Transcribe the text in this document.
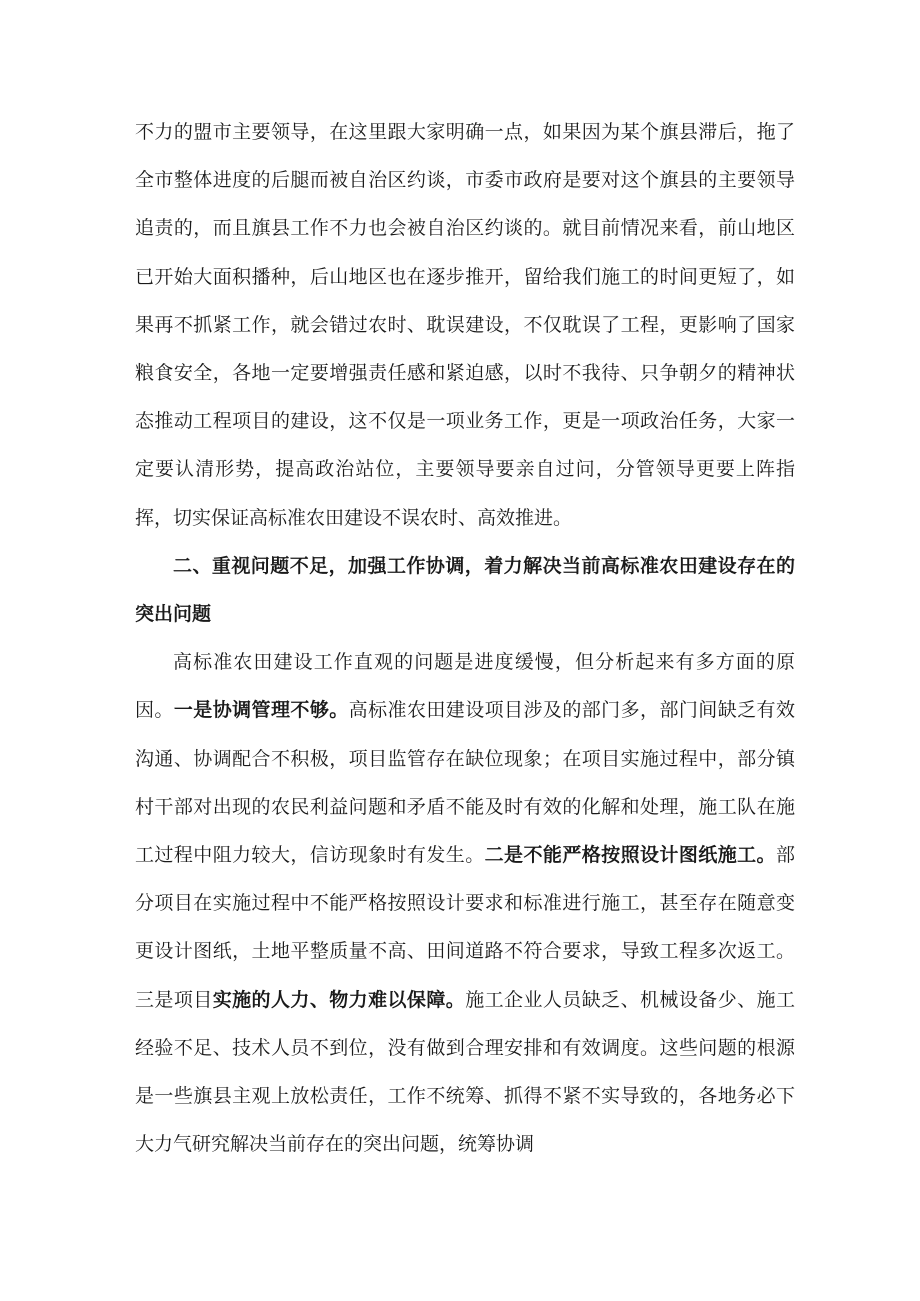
不力的盟市主要领导，在这里跟大家明确一点，如果因为某个旗县滞后，拖了全市整体进度的后腿而被自治区约谈，市委市政府是要对这个旗县的主要领导追责的，而且旗县工作不力也会被自治区约谈的。就目前情况来看，前山地区已开始大面积播种，后山地区也在逐步推开，留给我们施工的时间更短了，如果再不抓紧工作，就会错过农时、耽误建设，不仅耽误了工程，更影响了国家粮食安全，各地一定要增强责任感和紧迫感，以时不我待、只争朝夕的精神状态推动工程项目的建设，这不仅是一项业务工作，更是一项政治任务，大家一定要认清形势，提高政治站位，主要领导要亲自过问，分管领导更要上阵指挥，切实保证高标准农田建设不误农时、高效推进。

二、重视问题不足，加强工作协调，着力解决当前高标准农田建设存在的突出问题

高标准农田建设工作直观的问题是进度缓慢，但分析起来有多方面的原因。一是协调管理不够。高标准农田建设项目涉及的部门多，部门间缺乏有效沟通、协调配合不积极，项目监管存在缺位现象；在项目实施过程中，部分镇村干部对出现的农民利益问题和矛盾不能及时有效的化解和处理，施工队在施工过程中阻力较大，信访现象时有发生。二是不能严格按照设计图纸施工。部分项目在实施过程中不能严格按照设计要求和标准进行施工，甚至存在随意变更设计图纸，土地平整质量不高、田间道路不符合要求，导致工程多次返工。三是项目实施的人力、物力难以保障。施工企业人员缺乏、机械设备少、施工经验不足、技术人员不到位，没有做到合理安排和有效调度。这些问题的根源是一些旗县主观上放松责任，工作不统筹、抓得不紧不实导致的，各地务必下大力气研究解决当前存在的突出问题，统筹协调
